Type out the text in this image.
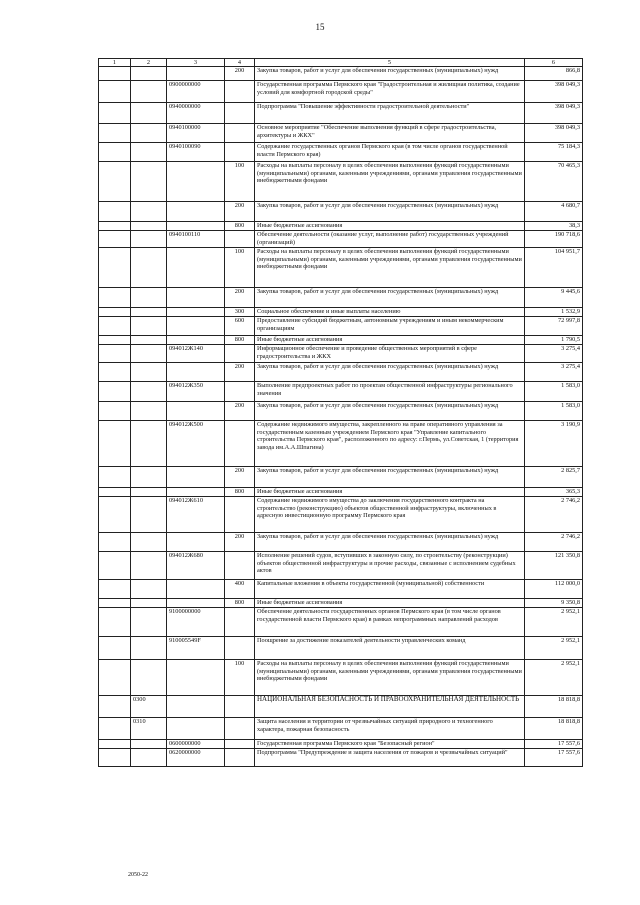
15
1	2	3	4	5	6
			200	Закупка товаров, работ и услуг для обеспечения государственных (муниципальных) нужд	866,8
		0900000000		Государственная программа Пермского края "Градостроительная и жилищная политика, создание условий для комфортной городской среды"	398 049,3
		0940000000		Подпрограмма "Повышение эффективности градостроительной деятельности"	398 049,3
		0940100000		Основное мероприятие "Обеспечение выполнения функций в сфере градостроительства, архитектуры и ЖКХ"	398 049,3
		0940100090		Содержание государственных органов Пермского края (в том числе органов государственной власти Пермского края)	75 184,3
			100	Расходы на выплаты персоналу в целях обеспечения выполнения функций государственными (муниципальными) органами, казенными учреждениями, органами управления государственными внебюджетными фондами	70 465,3
			200	Закупка товаров, работ и услуг для обеспечения государственных (муниципальных) нужд	4 680,7
			800	Иные бюджетные ассигнования	38,3
		0940100110		Обеспечение деятельности (оказание услуг, выполнение работ) государственных учреждений (организаций)	190 718,6
			100	Расходы на выплаты персоналу в целях обеспечения выполнения функций государственными (муниципальными) органами, казенными учреждениями, органами управления государственными внебюджетными фондами	104 951,7
			200	Закупка товаров, работ и услуг для обеспечения государственных (муниципальных) нужд	9 445,6
			300	Социальное обеспечение и иные выплаты населению	1 532,9
			600	Предоставление субсидий бюджетным, автономным учреждениям и иным некоммерческим организациям	72 997,8
			800	Иные бюджетные ассигнования	1 790,5
		094012Ж140		Информационное обеспечение и проведение общественных мероприятий в сфере градостроительства и ЖКХ	3 275,4
			200	Закупка товаров, работ и услуг для обеспечения государственных (муниципальных) нужд	3 275,4
		094012Ж350		Выполнение предпроектных работ по проектам общественной инфраструктуры регионального значения	1 583,0
			200	Закупка товаров, работ и услуг для обеспечения государственных (муниципальных) нужд	1 583,0
		094012Ж500		Содержание недвижимого имущества, закрепленного на праве оперативного управления за государственным казенным учреждением Пермского края "Управление капитального строительства Пермского края", расположенного по адресу: г.Пермь, ул.Советская, 1 (территория завода им.А.А.Шпагина)	3 190,9
			200	Закупка товаров, работ и услуг для обеспечения государственных (муниципальных) нужд	2 825,7
			800	Иные бюджетные ассигнования	365,3
		094012Ж610		Содержание недвижимого имущества до заключения государственного контракта на строительство (реконструкцию) объектов общественной инфраструктуры, включенных в адресную инвестиционную программу Пермского края	2 746,2
			200	Закупка товаров, работ и услуг для обеспечения государственных (муниципальных) нужд	2 746,2
		094012Ж680		Исполнение решений судов, вступивших в законную силу, по строительству (реконструкции) объектов общественной инфраструктуры и прочие расходы, связанные с исполнением судебных актов	121 350,8
			400	Капитальные вложения в объекты государственной (муниципальной) собственности	112 000,0
			800	Иные бюджетные ассигнования	9 350,8
		9100000000		Обеспечение деятельности государственных органов Пермского края (в том числе органов государственной власти Пермского края) в рамках непрограммных направлений расходов	2 952,1
		910005549F		Поощрение за достижение показателей деятельности управленческих команд	2 952,1
			100	Расходы на выплаты персоналу в целях обеспечения выполнения функций государственными (муниципальными) органами, казенными учреждениями, органами управления государственными внебюджетными фондами	2 952,1
	0300			НАЦИОНАЛЬНАЯ БЕЗОПАСНОСТЬ И ПРАВООХРАНИТЕЛЬНАЯ ДЕЯТЕЛЬНОСТЬ	18 818,8
	0310			Защита населения и территории от чрезвычайных ситуаций природного и техногенного характера, пожарная безопасность	18 818,8
		0600000000		Государственная программа Пермского края "Безопасный регион"	17 557,6
		0620000000		Подпрограмма "Предупреждение и защита населения от пожаров и чрезвычайных ситуаций"	17 557,6
2050-22
